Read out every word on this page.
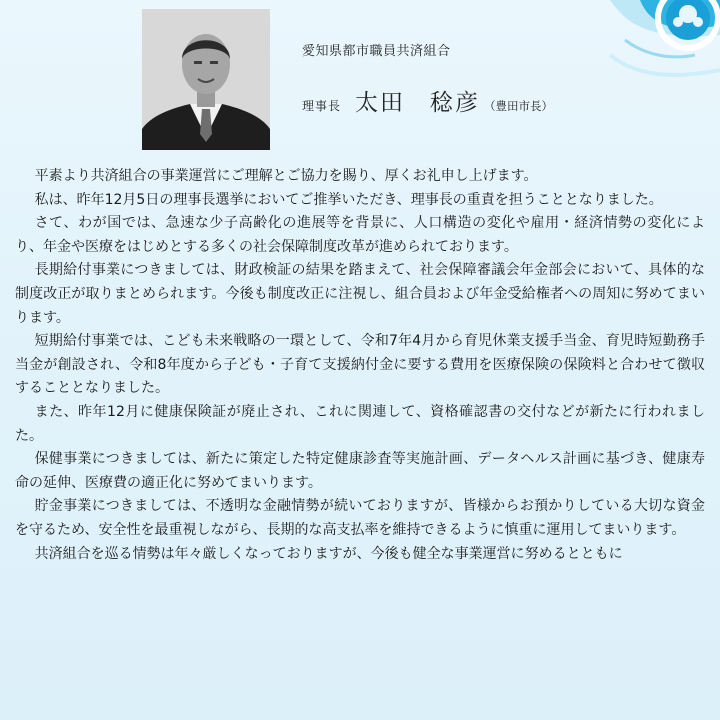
愛知県都市職員共済組合
理事長 太田　稔彦 （豊田市長）

平素より共済組合の事業運営にご理解とご協力を賜り、厚くお礼申し上げます。

私は、昨年12月5日の理事長選挙においてご推挙いただき、理事長の重責を担うこととなりました。

さて、わが国では、急速な少子高齢化の進展等を背景に、人口構造の変化や雇用・経済情勢の変化により、年金や医療をはじめとする多くの社会保障制度改革が進められております。

長期給付事業につきましては、財政検証の結果を踏まえて、社会保障審議会年金部会において、具体的な制度改正が取りまとめられます。今後も制度改正に注視し、組合員および年金受給権者への周知に努めてまいります。

短期給付事業では、こども未来戦略の一環として、令和7年4月から育児休業支援手当金、育児時短勤務手当金が創設され、令和8年度から子ども・子育て支援納付金に要する費用を医療保険の保険料と合わせて徴収することとなりました。

また、昨年12月に健康保険証が廃止され、これに関連して、資格確認書の交付などが新たに行われました。

保健事業につきましては、新たに策定した特定健康診査等実施計画、データヘルス計画に基づき、健康寿命の延伸、医療費の適正化に努めてまいります。

貯金事業につきましては、不透明な金融情勢が続いておりますが、皆様からお預かりしている大切な資金を守るため、安全性を最重視しながら、長期的な高支払率を維持できるように慎重に運用してまいります。

共済組合を巡る情勢は年々厳しくなっておりますが、今後も健全な事業運営に努めるとともに
